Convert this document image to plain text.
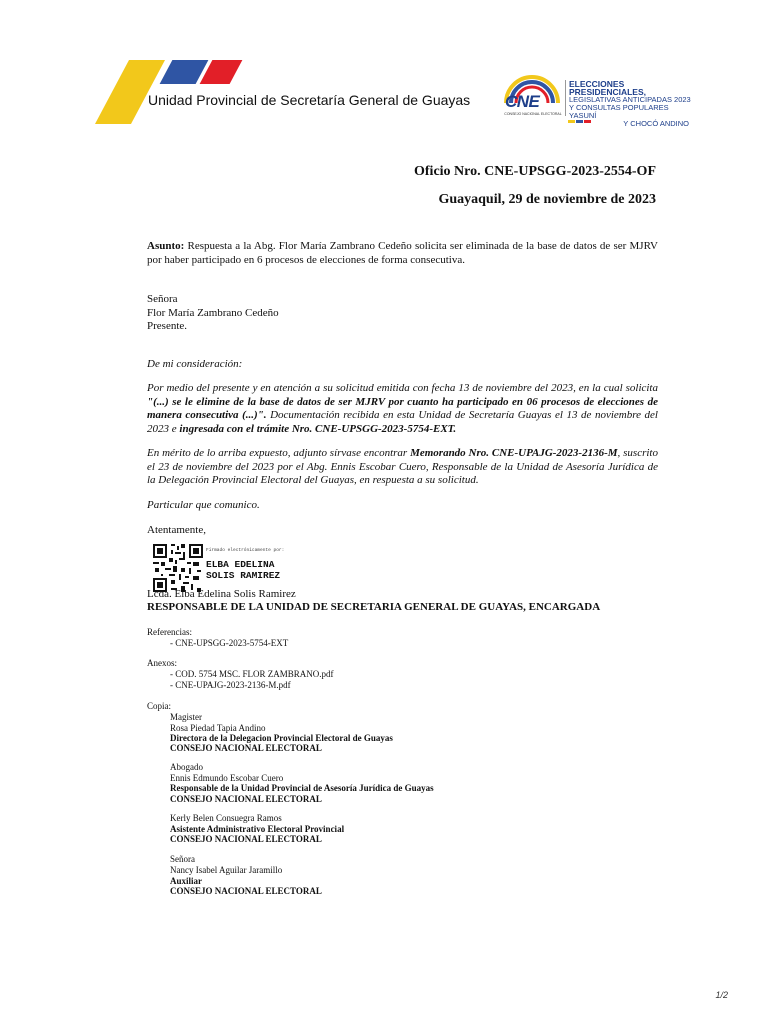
Unidad Provincial de Secretaría General de Guayas CNE
CONSEJO NACIONAL ELECTORAL
ELECCIONES PRESIDENCIALES,
LEGISLATIVAS ANTICIPADAS 2023
Y CONSULTAS POPULARES YASUNÍ
Y CHOCÓ ANDINO
Oficio Nro. CNE-UPSGG-2023-2554-OF
Guayaquil, 29 de noviembre de 2023
Asunto: Respuesta a la Abg. Flor María Zambrano Cedeño solicita ser eliminada de la base de datos de ser MJRV por haber participado en 6 procesos de elecciones de forma consecutiva.
Señora
Flor María Zambrano Cedeño
Presente.
De mi consideración:
Por medio del presente y en atención a su solicitud emitida con fecha 13 de noviembre del 2023, en la cual solicita "(...) se le elimine de la base de datos de ser MJRV por cuanto ha participado en 06 procesos de elecciones de manera consecutiva (...)". Documentación recibida en esta Unidad de Secretaría Guayas el 13 de noviembre del 2023 e ingresada con el trámite Nro. CNE-UPSGG-2023-5754-EXT.
En mérito de lo arriba expuesto, adjunto sírvase encontrar Memorando Nro. CNE-UPAJG-2023-2136-M, suscrito el 23 de noviembre del 2023 por el Abg. Ennis Escobar Cuero, Responsable de la Unidad de Asesoría Jurídica de la Delegación Provincial Electoral del Guayas, en respuesta a su solicitud.
Particular que comunico.
Atentamente,
Firmado electrónicamente por:
ELBA EDELINA
SOLIS RAMIREZ
Lcda. Elba Edelina Solis Ramirez
RESPONSABLE DE LA UNIDAD DE SECRETARIA GENERAL DE GUAYAS, ENCARGADA
Referencias:
- CNE-UPSGG-2023-5754-EXT
Anexos:
- COD. 5754 MSC. FLOR ZAMBRANO.pdf
- CNE-UPAJG-2023-2136-M.pdf
Copia:
Magister
Rosa Piedad Tapia Andino
Directora de la Delegacion Provincial Electoral de Guayas
CONSEJO NACIONAL ELECTORAL
Abogado
Ennis Edmundo Escobar Cuero
Responsable de la Unidad Provincial de Asesoría Jurídica de Guayas
CONSEJO NACIONAL ELECTORAL
Kerly Belen Consuegra Ramos
Asistente Administrativo Electoral Provincial
CONSEJO NACIONAL ELECTORAL
Señora
Nancy Isabel Aguilar Jaramillo
Auxiliar
CONSEJO NACIONAL ELECTORAL
1/2
